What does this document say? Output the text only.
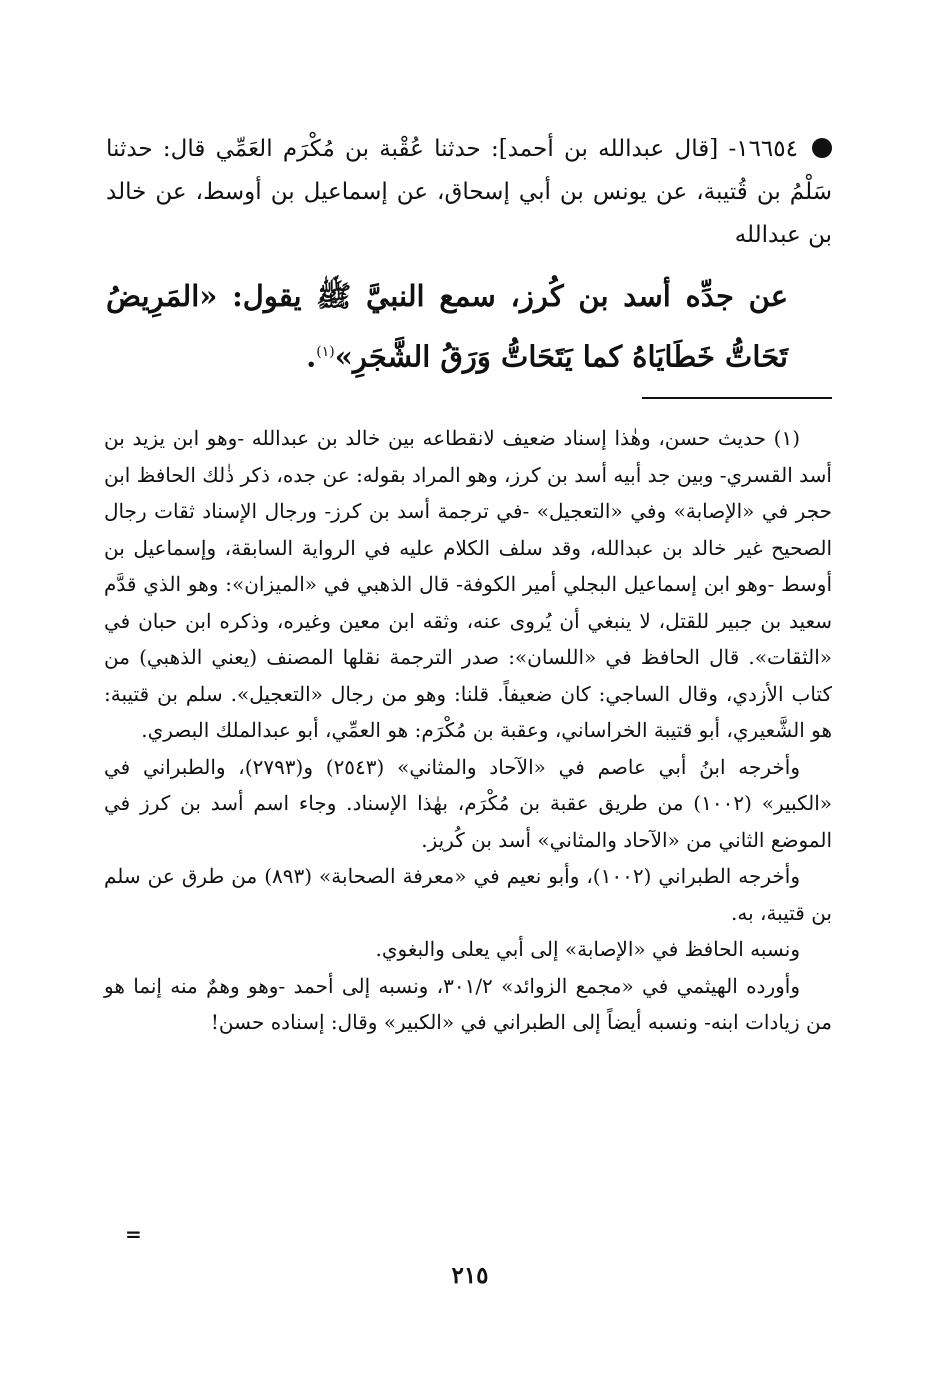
١٦٦٥٤- [قال عبدالله بن أحمد]: حدثنا عُقْبة بن مُكْرَم العَمِّي قال: حدثنا سَلْمُ بن قُتيبة، عن يونس بن أبي إسحاق، عن إسماعيل بن أوسط، عن خالد بن عبدالله

عن جدِّه أسد بن كُرز، سمع النبيَّ ﷺ يقول: «المَرِيضُ تَحَاتُّ خَطَايَاهُ كما يَتَحَاتُّ وَرَقُ الشَّجَرِ»$^{(١)}$.

(١) حديث حسن، وهٰذا إسناد ضعيف لانقطاعه بين خالد بن عبدالله -وهو ابن يزيد بن أسد القسري- وبين جد أبيه أسد بن كرز، وهو المراد بقوله: عن جده، ذكر ذٰلك الحافظ ابن حجر في «الإصابة» وفي «التعجيل» -في ترجمة أسد بن كرز- ورجال الإسناد ثقات رجال الصحيح غير خالد بن عبدالله، وقد سلف الكلام عليه في الرواية السابقة، وإسماعيل بن أوسط -وهو ابن إسماعيل البجلي أمير الكوفة- قال الذهبي في «الميزان»: وهو الذي قدَّم سعيد بن جبير للقتل، لا ينبغي أن يُروى عنه، وثقه ابن معين وغيره، وذكره ابن حبان في «الثقات». قال الحافظ في «اللسان»: صدر الترجمة نقلها المصنف (يعني الذهبي) من كتاب الأزدي، وقال الساجي: كان ضعيفاً. قلنا: وهو من رجال «التعجيل». سلم بن قتيبة: هو الشَّعيري، أبو قتيبة الخراساني، وعقبة بن مُكْرَم: هو العمِّي، أبو عبدالملك البصري.

وأخرجه ابنُ أبي عاصم في «الآحاد والمثاني» (٢٥٤٣) و(٢٧٩٣)، والطبراني في «الكبير» (١٠٠٢) من طريق عقبة بن مُكْرَم، بهٰذا الإسناد. وجاء اسم أسد بن كرز في الموضع الثاني من «الآحاد والمثاني» أسد بن كُريز.

وأخرجه الطبراني (١٠٠٢)، وأبو نعيم في «معرفة الصحابة» (٨٩٣) من طرق عن سلم بن قتيبة، به.

ونسبه الحافظ في «الإصابة» إلى أبي يعلى والبغوي.

وأورده الهيثمي في «مجمع الزوائد» ٣٠١/٢، ونسبه إلى أحمد -وهو وهمٌ منه إنما هو من زيادات ابنه- ونسبه أيضاً إلى الطبراني في «الكبير» وقال: إسناده حسن!

=
٢١٥
